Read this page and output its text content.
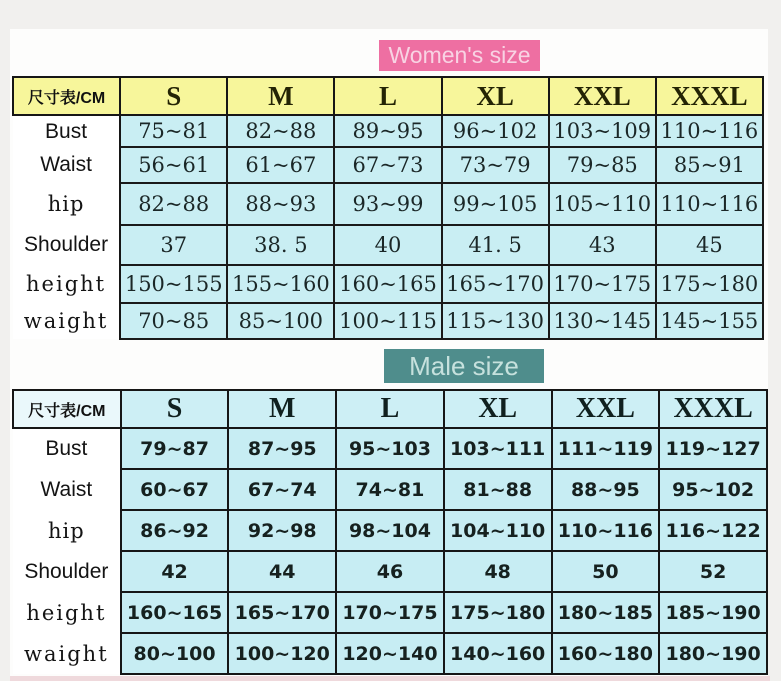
Women's size
尺寸表/CM	S	M	L	XL	XXL	XXXL
Bust	75~81	82~88	89~95	96~102	103~109	110~116
Waist	56~61	61~67	67~73	73~79	79~85	85~91
hip	82~88	88~93	93~99	99~105	105~110	110~116
Shoulder	37	38. 5	40	41. 5	43	45
height	150~155	155~160	160~165	165~170	170~175	175~180
waight	70~85	85~100	100~115	115~130	130~145	145~155
Male size
尺寸表/CM	S	M	L	XL	XXL	XXXL
Bust	79~87	87~95	95~103	103~111	111~119	119~127
Waist	60~67	67~74	74~81	81~88	88~95	95~102
hip	86~92	92~98	98~104	104~110	110~116	116~122
Shoulder	42	44	46	48	50	52
height	160~165	165~170	170~175	175~180	180~185	185~190
waight	80~100	100~120	120~140	140~160	160~180	180~190
